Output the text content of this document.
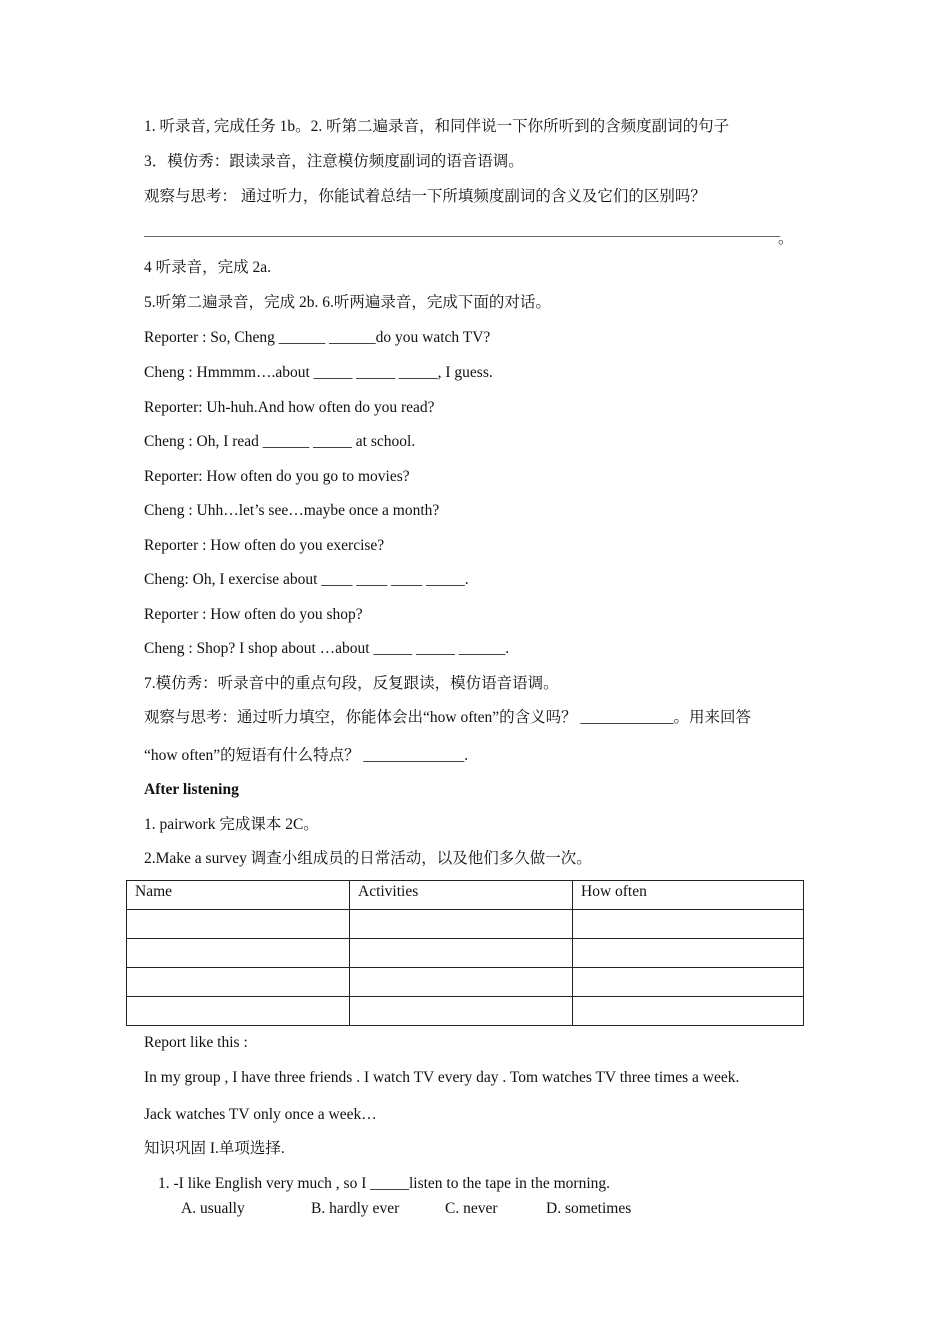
1. 听录音, 完成任务 1b。2. 听第二遍录音，和同伴说一下你所听到的含频度副词的句子
3．模仿秀：跟读录音，注意模仿频度副词的语音语调。
观察与思考： 通过听力，你能试着总结一下所填频度副词的含义及它们的区别吗？
。
4 听录音，完成 2a.
5.听第二遍录音，完成 2b. 6.听两遍录音，完成下面的对话。
Reporter : So, Cheng ______ ______do you watch TV?
Cheng : Hmmmm….about _____ _____ _____, I guess.
Reporter: Uh-huh.And how often do you read?
Cheng : Oh, I read ______ _____ at school.
Reporter: How often do you go to movies?
Cheng : Uhh…let’s see…maybe once a month?
Reporter : How often do you exercise?
Cheng: Oh, I exercise about ____ ____ ____ _____.
Reporter : How often do you shop?
Cheng : Shop? I shop about …about _____ _____ ______.
7.模仿秀：听录音中的重点句段，反复跟读，模仿语音语调。
观察与思考：通过听力填空，你能体会出“how often”的含义吗？ ____________。用来回答
“how often”的短语有什么特点？ _____________.
After listening
1. pairwork 完成课本 2C。
2.Make a survey 调查小组成员的日常活动，以及他们多久做一次。
Name	Activities	How often

Report like this :
In my group , I have three friends . I watch TV every day . Tom watches TV three times a week.
Jack watches TV only once a week…
知识巩固 I.单项选择.
1. -I like English very much , so I _____listen to the tape in the morning.
A. usually	B. hardly ever	C. never	D. sometimes
